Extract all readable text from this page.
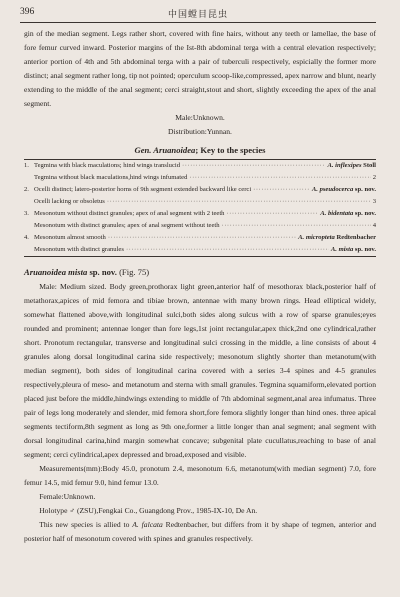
396	中国螳目昆虫

gin of the median segment. Legs rather short, covered with fine hairs, without any teeth or lamellae, the base of fore femur curved inward. Posterior margins of the Ist-8th abdominal terga with a central elevation respectively; anterior portion of 4th and 5th abdominal terga with a pair of tuberculi respectively, espicially the former more distinct; anal segment rather long, tip not pointed; operculum scoop-like,compressed, apex narrow and blunt, nearly extending to the middle of the anal segment; cerci straight,stout and short, slightly exceeding the apex of the anal segment.

Male:Unknown.

Distribution:Yunnan.

Gen. Aruanoidea; Key to the species
1. Tegmina with black maculations; hind wings translucid ·····	A. inflexipes Stoll
Tegmina without black maculations,hind wings infumated ·····	2
2. Ocelli distinct; latero-posterior horns of 9th segment extended backward like cerci ·····	A. pseudocerca sp. nov.
Ocelli lacking or obsoletus ·····	3
3. Mesonotum without distinct granules; apex of anal segment with 2 teeth ·····	A. bidentata sp. nov.
Mesonotum with distinct granules; apex of anal segment without teeth ·····	4
4. Mesonotum almost smooth ·····	A. micropteta Redtenbacher
Mesonotum with distinct granules ·····	A. mista sp. nov.

Aruanoidea mista sp. nov. (Fig. 75)

Male: Medium sized. Body green,prothorax light green,anterior half of mesothorax black,posterior half of metathorax,apices of mid femora and tibiae brown, antennae with many brown rings. Head elliptical widely, somewhat flattened above,with longitudinal sulci,both sides along sulcus with a row of sparse granules;eyes rounded and prominent; antennae longer than fore legs,1st joint rectangular,apex thick,2nd one cylindrical,rather short. Pronotum rectangular, transverse and longitudinal sulci crossing in the middle, a line consists of about 4 granules along dorsal longitudinal carina side respectively; mesonotum slightly shorter than metanotum(with median segment), both sides of longitudinal carina covered with a series 3-4 spines and 4-5 granules respectively,pleura of meso- and metanotum and sterna with small granules. Tegmina squamiform,elevated portion placed just before the middle,hindwings extending to middle of 7th abdominal segment,anal area infumatus. Three pair of legs long moderately and slender, mid femora short,fore femora slightly longer than hind ones. three apical segments tectiform,8th segment as long as 9th one,former a little longer than anal segment; anal segment with dorsal longitudinal carina,hind margin somewhat concave; subgenital plate cucullatus,reaching to base of anal segment; cerci cylindrical,apex depressed and broad,exposed and visible.

Measurements(mm):Body 45.0, pronotum 2.4, mesonotum 6.6, metanotum(with median segment) 7.0, fore femur 14.5, mid femur 9.0, hind femur 13.0.

Female:Unknown.

Holotype ♂ (ZSU),Fengkai Co., Guangdong Prov., 1985-IX-10, De An.

This new species is allied to A. falcata Redtenbacher, but differs from it by shape of tegmen, anterior and posterior half of mesonotum covered with spines and granules respectively.
